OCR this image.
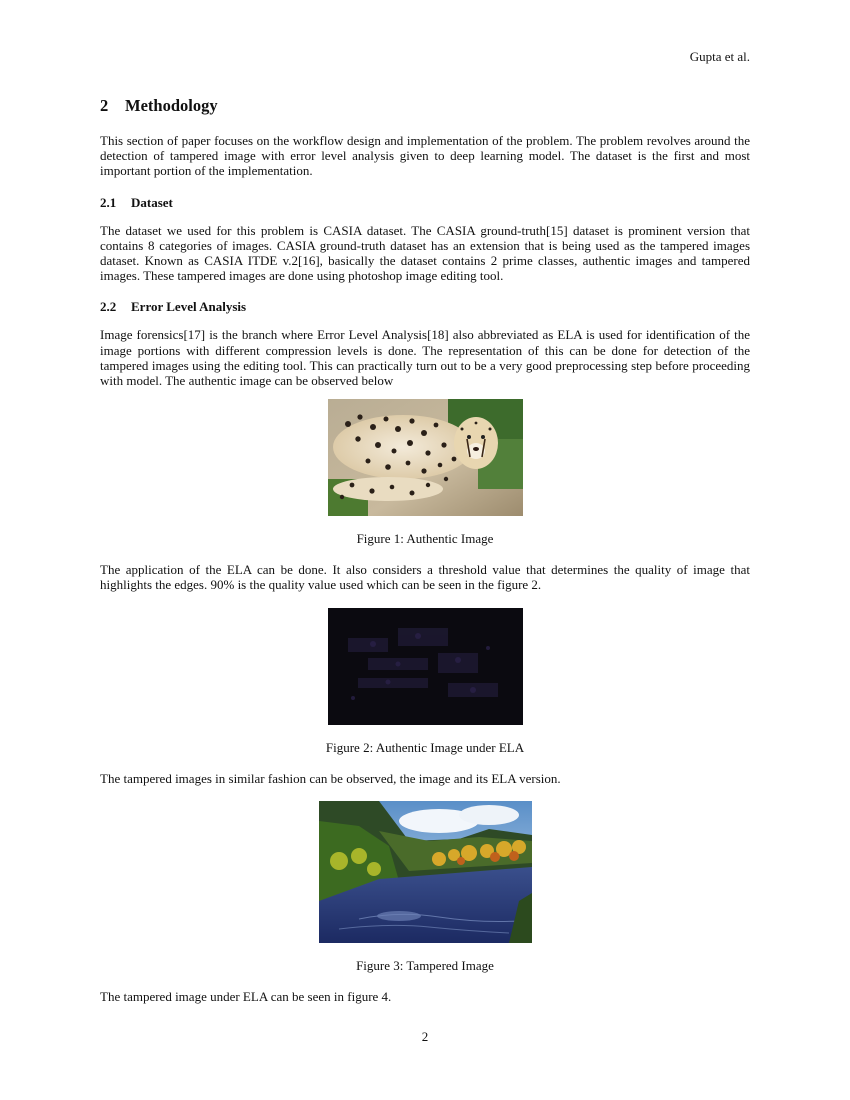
Gupta et al.
2 Methodology

This section of paper focuses on the workflow design and implementation of the problem. The problem revolves around the detection of tampered image with error level analysis given to deep learning model. The dataset is the first and most important portion of the implementation.

2.1 Dataset

The dataset we used for this problem is CASIA dataset. The CASIA ground-truth[15] dataset is prominent version that contains 8 categories of images. CASIA ground-truth dataset has an extension that is being used as the tampered images dataset. Known as CASIA ITDE v.2[16], basically the dataset contains 2 prime classes, authentic images and tampered images. These tampered images are done using photoshop image editing tool.

2.2 Error Level Analysis

Image forensics[17] is the branch where Error Level Analysis[18] also abbreviated as ELA is used for identification of the image portions with different compression levels is done. The representation of this can be done for detection of the tampered images using the editing tool. This can practically turn out to be a very good preprocessing step before proceeding with model. The authentic image can be observed below

Figure 1: Authentic Image

The application of the ELA can be done. It also considers a threshold value that determines the quality of image that highlights the edges. 90% is the quality value used which can be seen in the figure 2.

Figure 2: Authentic Image under ELA

The tampered images in similar fashion can be observed, the image and its ELA version.

Figure 3: Tampered Image

The tampered image under ELA can be seen in figure 4.

2
